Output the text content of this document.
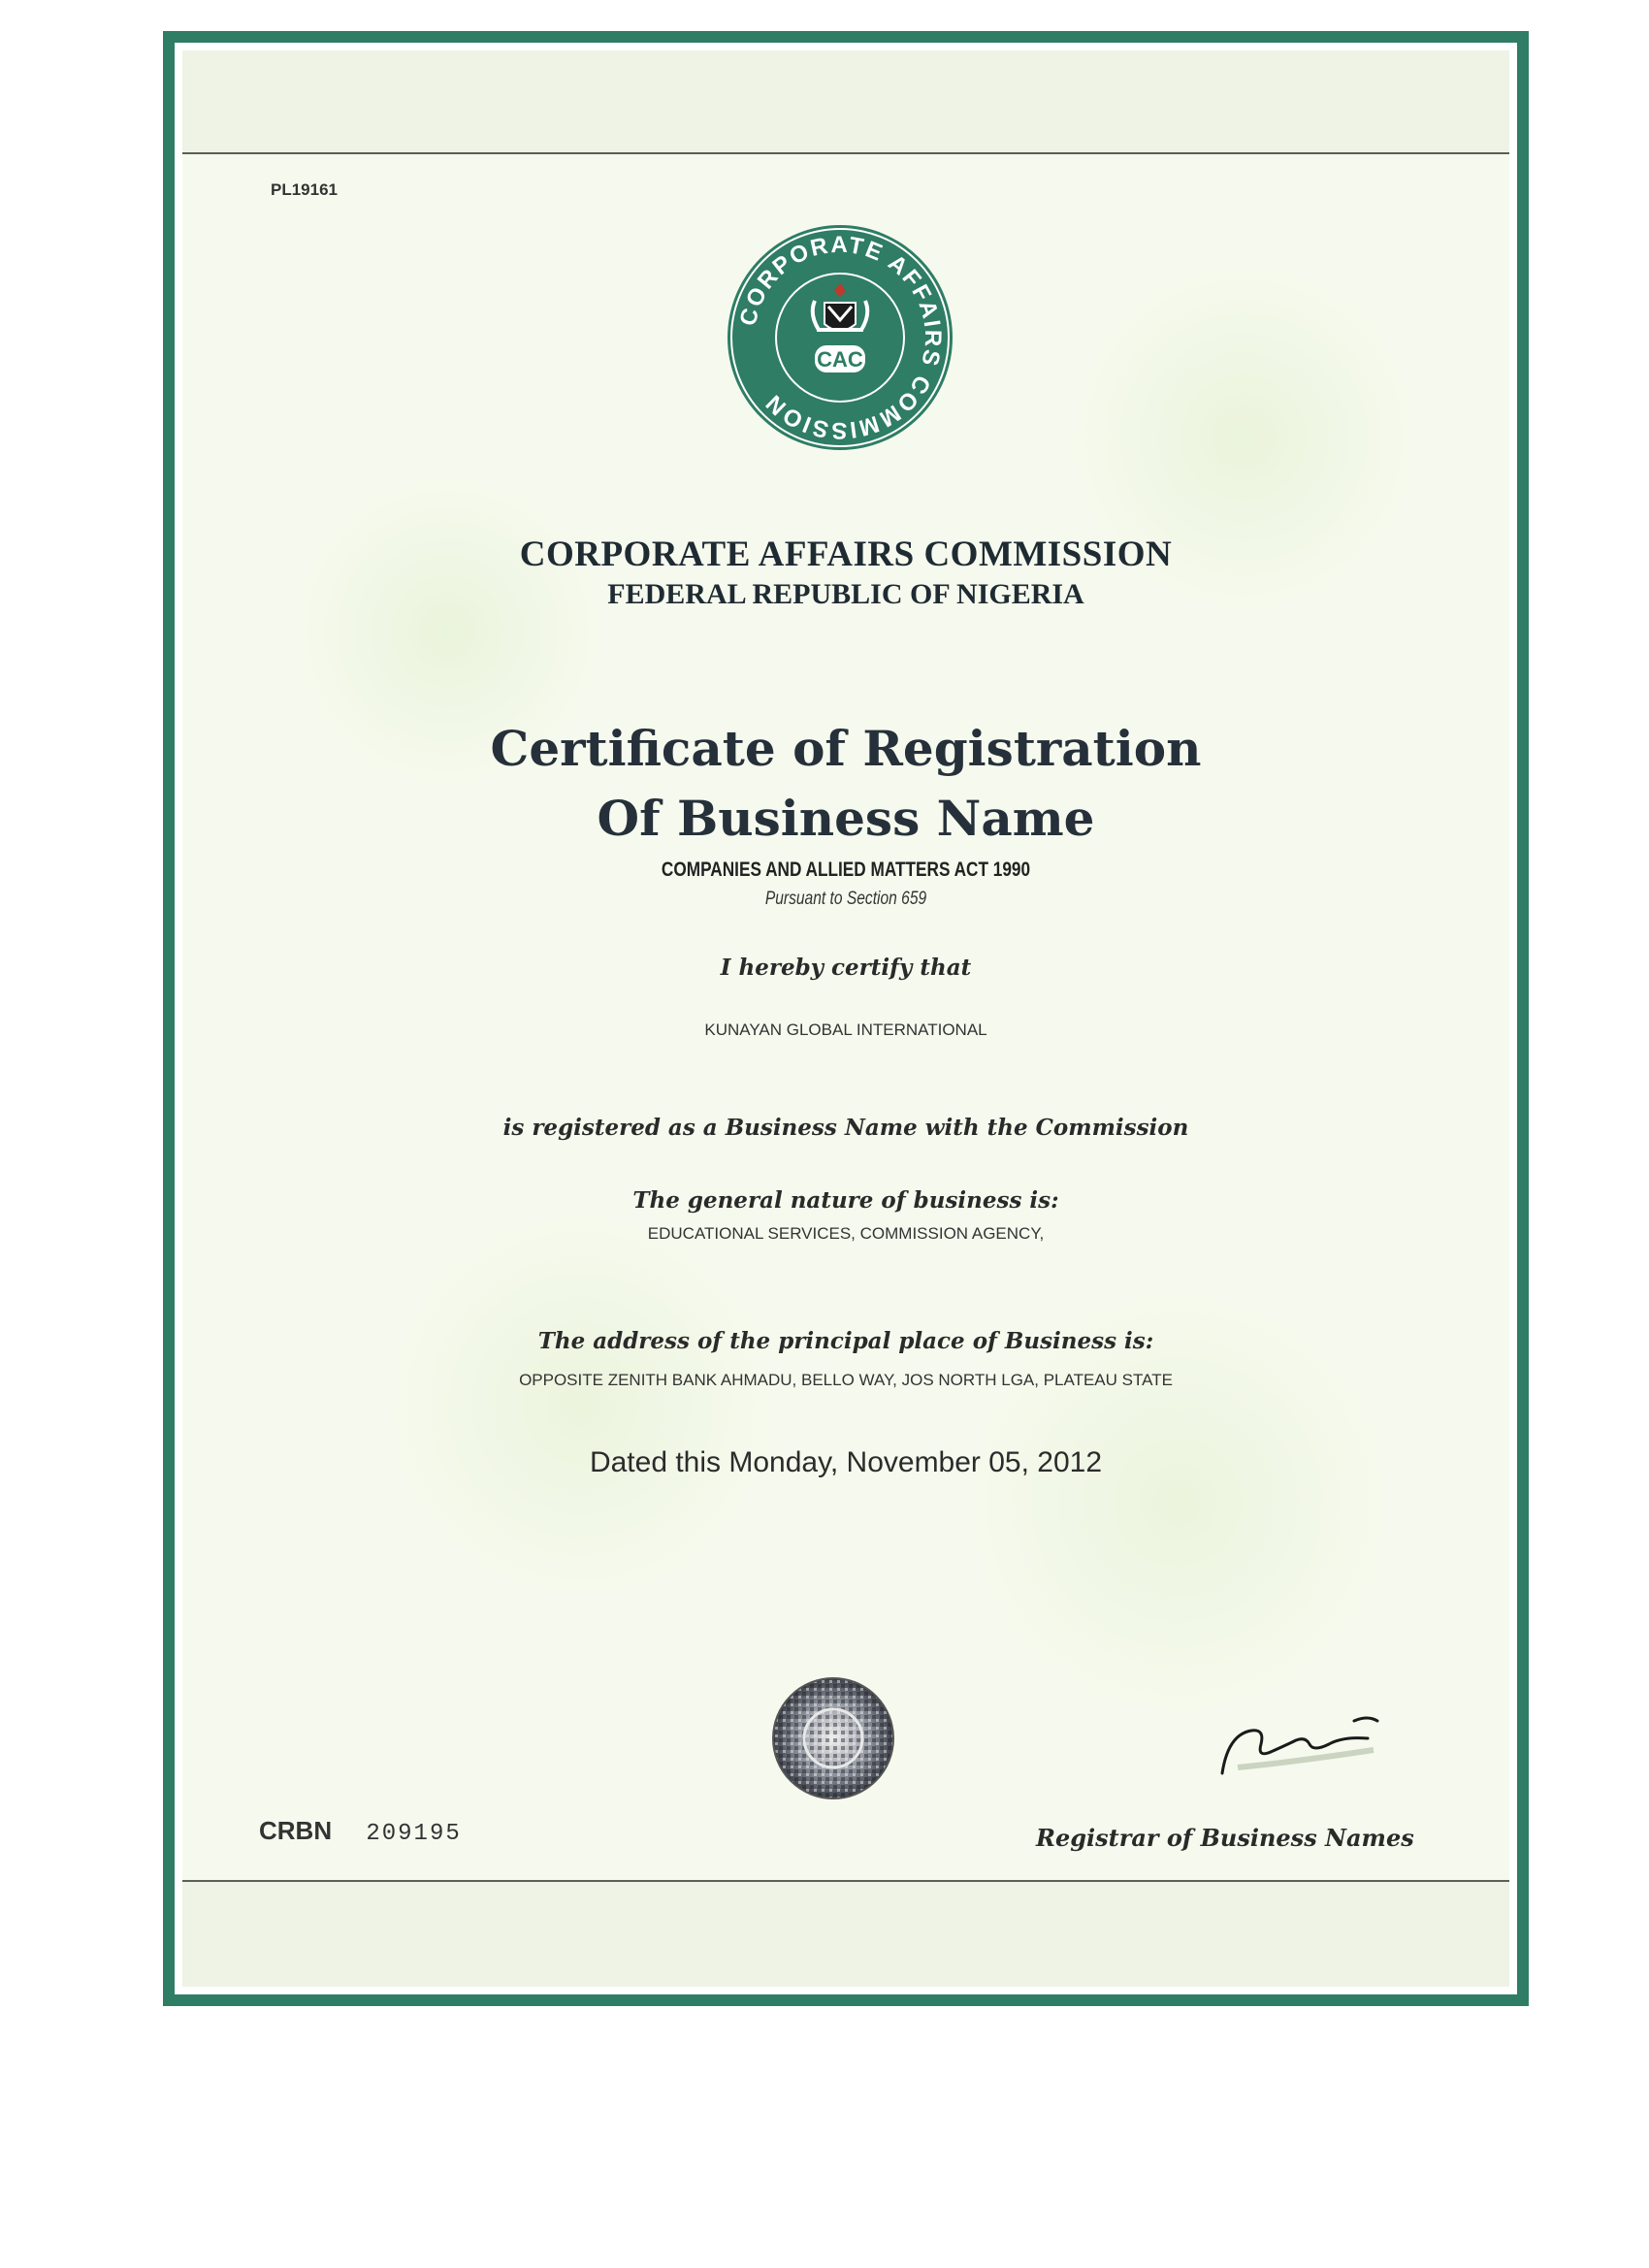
PL19161
CORPORATE AFFAIRS COMMISSION
CAC
CORPORATE AFFAIRS COMMISSION
FEDERAL REPUBLIC OF NIGERIA
Certificate of Registration
Of Business Name
COMPANIES AND ALLIED MATTERS ACT 1990
Pursuant to Section 659
I hereby certify that
KUNAYAN GLOBAL INTERNATIONAL
is registered as a Business Name with the Commission
The general nature of business is:
EDUCATIONAL SERVICES, COMMISSION AGENCY,
The address of the principal place of Business is:
OPPOSITE ZENITH BANK AHMADU, BELLO WAY, JOS NORTH LGA, PLATEAU STATE
Dated this Monday, November 05, 2012
CRBN 209195	Registrar of Business Names
